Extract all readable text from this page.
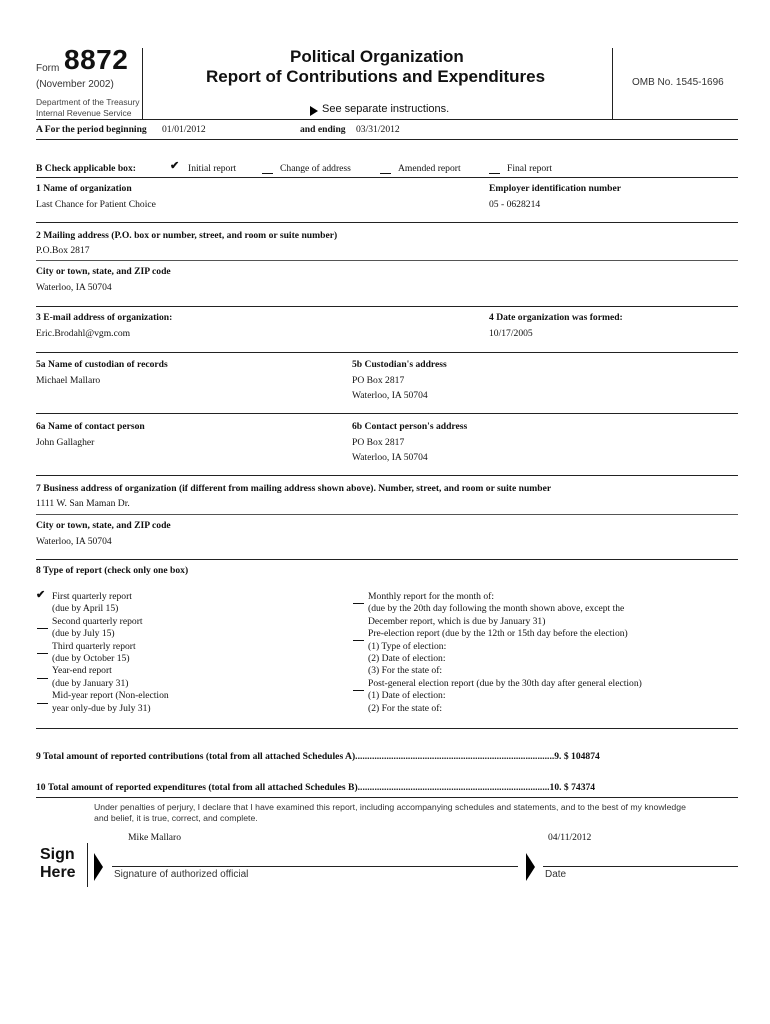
Form 8872
(November 2002)
Department of the Treasury
Internal Revenue Service
Political Organization
Report of Contributions and Expenditures
See separate instructions.
OMB No. 1545-1696
A For the period beginning 01/01/2012	and ending 03/31/2012
B Check applicable box:	✔ Initial report	Change of address	Amended report	Final report
1 Name of organization
Last Chance for Patient Choice
Employer identification number
05 - 0628214
2 Mailing address (P.O. box or number, street, and room or suite number)
P.O.Box 2817
City or town, state, and ZIP code
Waterloo, IA 50704
3 E-mail address of organization:
Eric.Brodahl@vgm.com
4 Date organization was formed:
10/17/2005
5a Name of custodian of records
Michael Mallaro
5b Custodian's address
PO Box 2817
Waterloo, IA 50704
6a Name of contact person
John Gallagher
6b Contact person's address
PO Box 2817
Waterloo, IA 50704
7 Business address of organization (if different from mailing address shown above). Number, street, and room or suite number
1111 W. San Maman Dr.
City or town, state, and ZIP code
Waterloo, IA 50704
8 Type of report (check only one box)
✔ First quarterly report
(due by April 15)
Second quarterly report
(due by July 15)
Third quarterly report
(due by October 15)
Year-end report
(due by January 31)
Mid-year report (Non-election
year only-due by July 31)
Monthly report for the month of:
(due by the 20th day following the month shown above, except the
December report, which is due by January 31)
Pre-election report (due by the 12th or 15th day before the election)
(1) Type of election:
(2) Date of election:
(3) For the state of:
Post-general election report (due by the 30th day after general election)
(1) Date of election:
(2) For the state of:
9 Total amount of reported contributions (total from all attached Schedules A)...................................................................................9. $ 104874
10 Total amount of reported expenditures (total from all attached Schedules B)................................................................................10. $ 74374
Under penalties of perjury, I declare that I have examined this report, including accompanying schedules and statements, and to the best of my knowledge
and belief, it is true, correct, and complete.
Mike Mallaro	04/11/2012
Sign
Here	Signature of authorized official	Date
